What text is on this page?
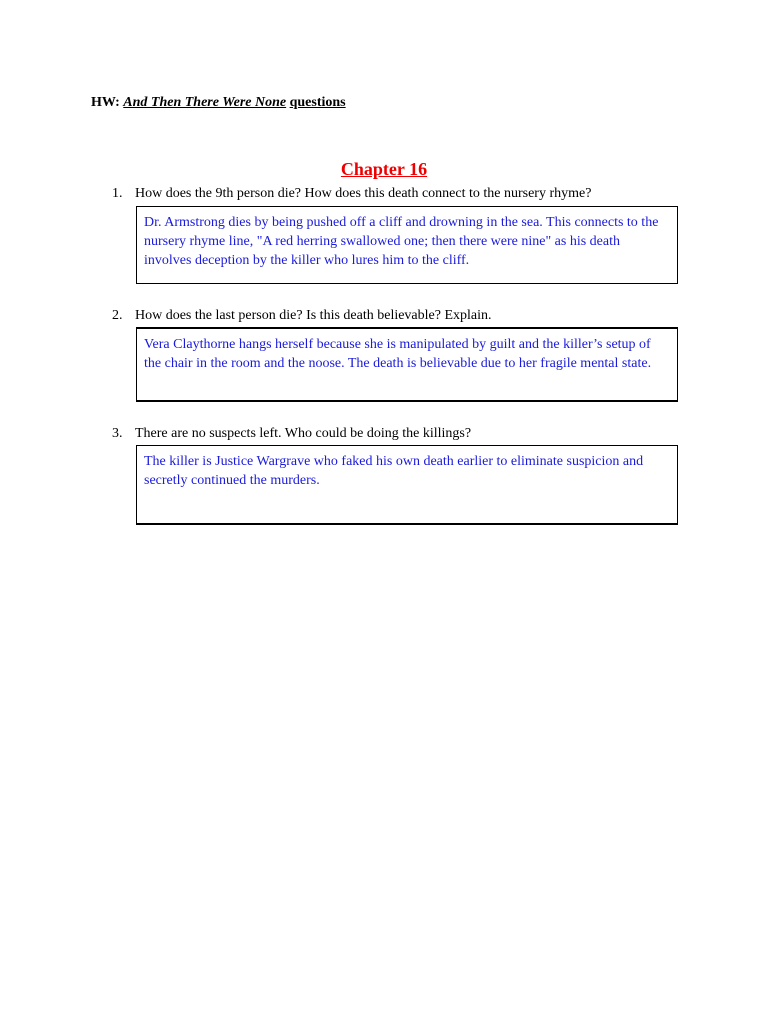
HW: And Then There Were None questions
Chapter 16
1. How does the 9th person die? How does this death connect to the nursery rhyme?
Dr. Armstrong dies by being pushed off a cliff and drowning in the sea. This connects to the nursery rhyme line, "A red herring swallowed one; then there were nine" as his death involves deception by the killer who lures him to the cliff.
2. How does the last person die? Is this death believable? Explain.
Vera Claythorne hangs herself because she is manipulated by guilt and the killer’s setup of the chair in the room and the noose. The death is believable due to her fragile mental state.
3. There are no suspects left. Who could be doing the killings?
The killer is Justice Wargrave who faked his own death earlier to eliminate suspicion and secretly continued the murders.
